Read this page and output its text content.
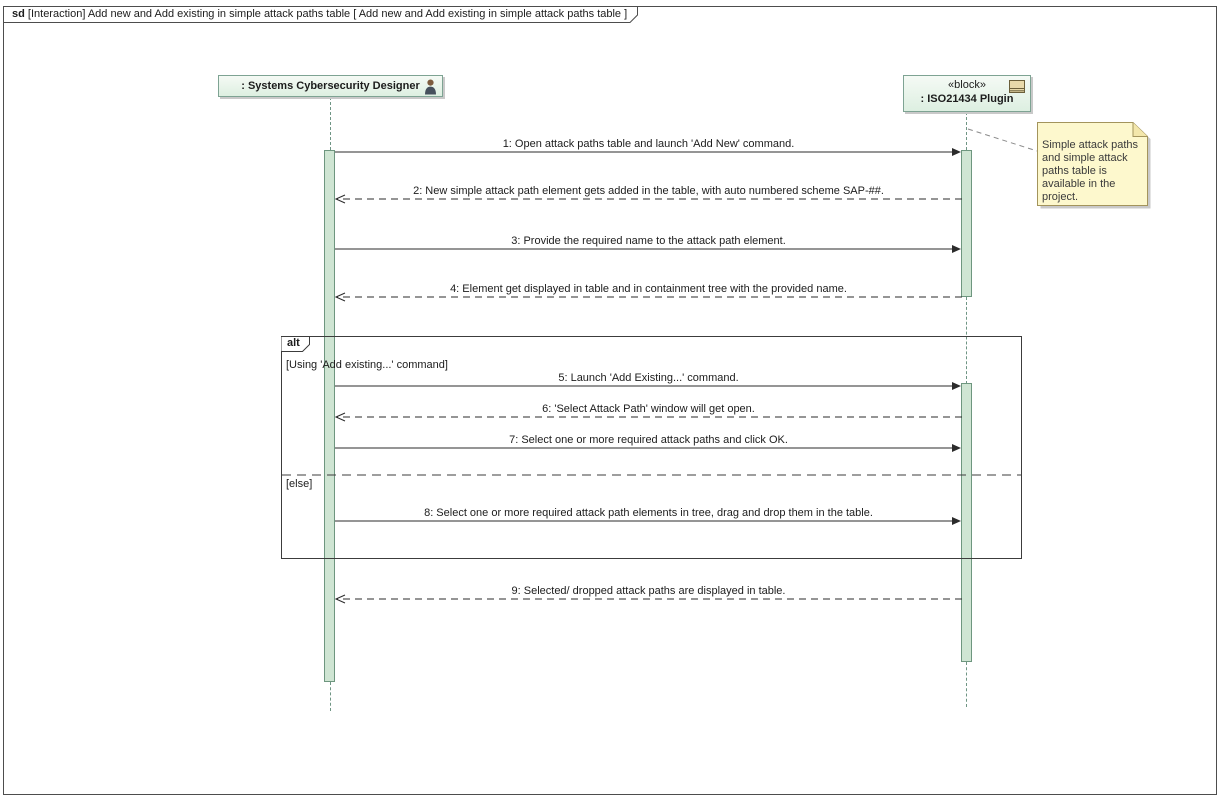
sd [Interaction] Add new and Add existing in simple attack paths table [ Add new and Add existing in simple attack paths table ]
: Systems Cybersecurity Designer	«block»
: ISO21434 Plugin
Simple attack paths and simple attack paths table is available in the project.
1: Open attack paths table and launch 'Add New' command.
2: New simple attack path element gets added in the table, with auto numbered scheme SAP-##.
3: Provide the required name to the attack path element.
4: Element get displayed in table and in containment tree with the provided name.
5: Launch 'Add Existing...' command.
6: 'Select Attack Path' window will get open.
7: Select one or more required attack paths and click OK.
8: Select one or more required attack path elements in tree, drag and drop them in the table.
9: Selected/ dropped attack paths are displayed in table.
alt
[Using 'Add existing...' command]
[else]
